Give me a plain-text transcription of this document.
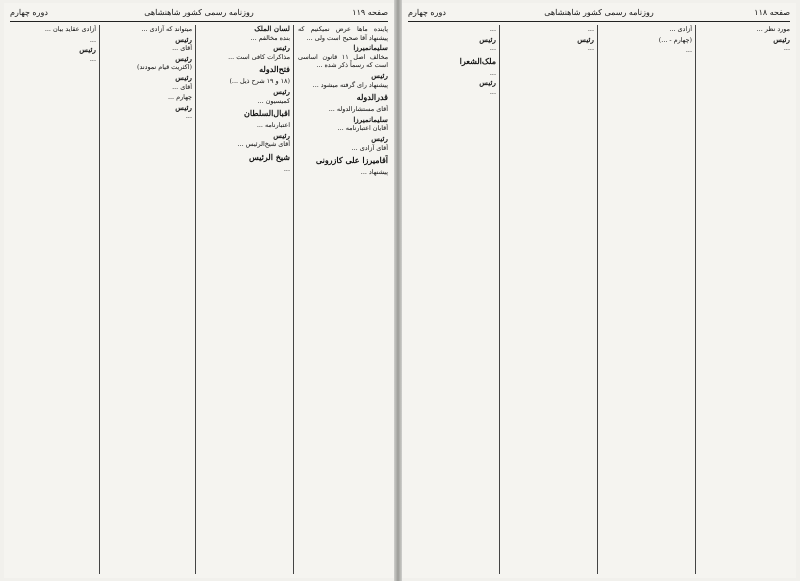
صفحه ۱۱۹
روزنامه رسمی کشور شاهنشاهی
دوره چهارم
پاینده ماها عرض نمیکنیم که پیشنهاد آقا صحیح است ولی ...
سلیمانمیرزا
مخالف اصل ۱۱ قانون اساسی است که رسماً ذکر شده ...
رئیس
پیشنهاد رای گرفته میشود ...
قدرالدوله
آقای مستشارالدوله ...
سلیمانمیرزا
آقایان اعتبارنامه ...
رئیس
آقای آزادی ...
آقامیرزا علی کازرونی
پیشنهاد ...
لسان الملک
بنده مخالفم ...
رئیس
مذاکرات کافی است ...
فتح‌الدوله
(۱۸ و ۱۹ شرح ذیل ...)
رئیس
کمیسیون ...
اقبال‌السلطان
اعتبارنامه ...
رئیس
آقای شیخ‌الرئیس ...
شیخ الرئیس
...
میتواند که آزادی ...
رئیس
آقای ...
رئیس
(اکثریت قیام نمودند)
رئیس
آقای ...
چهارم ...
رئیس
...
آزادی عقاید بیان ...
...
رئیس
...
صفحه ۱۱۸
روزنامه رسمی کشور شاهنشاهی
دوره چهارم
مورد نظر ...
رئیس
...
آزادی ...
(چهارم - ...)
...
...
رئیس
...
...
رئیس
...
ملک‌الشعرا
...
رئیس
...
